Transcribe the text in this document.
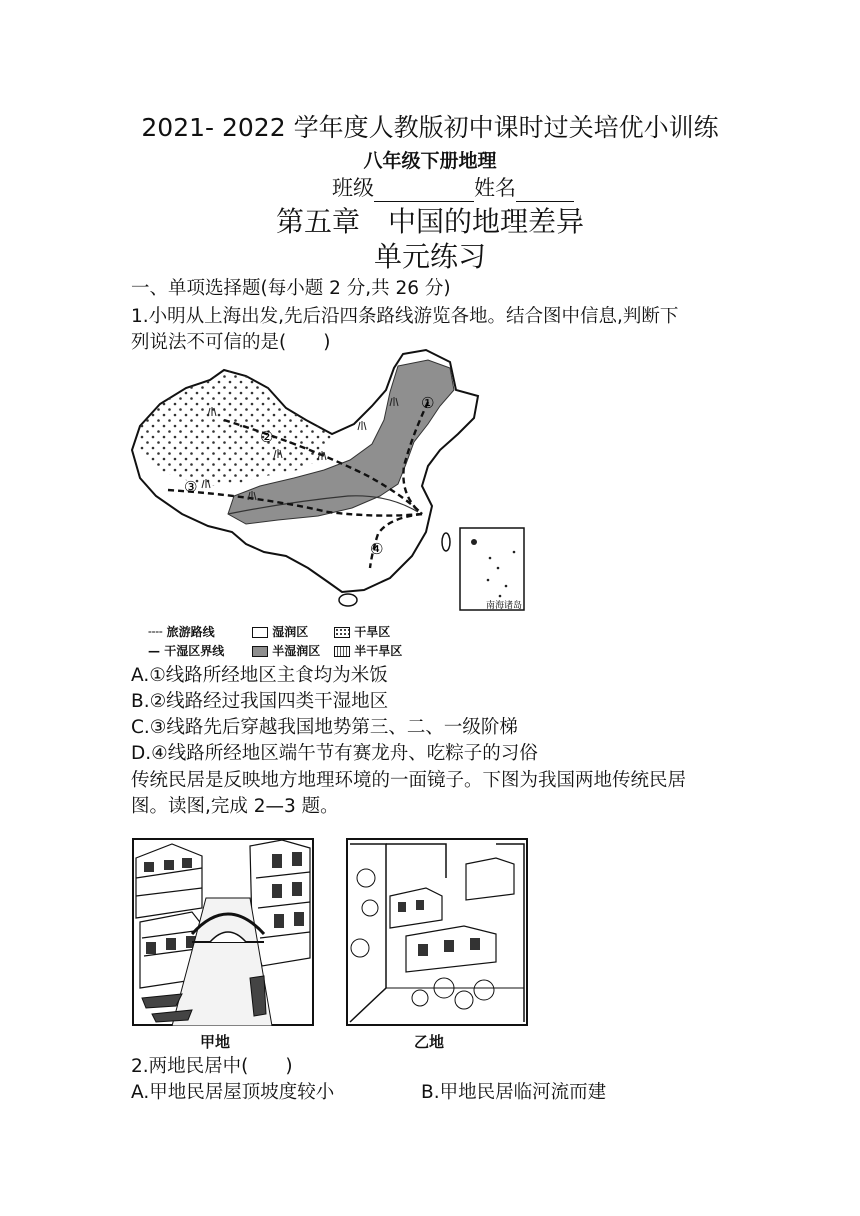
2021- 2022 学年度人教版初中课时过关培优小训练
八年级下册地理
班级	姓名
第五章　中国的地理差异
单元练习
一、单项选择题(每小题 2 分,共 26 分)
1.小明从上海出发,先后沿四条路线游览各地。结合图中信息,判断下
列说法不可信的是(　　)
①
②
③
④
南海诸岛
╌╌ 旅游路线	湿润区	干旱区
— 干湿区界线	半湿润区	半干旱区
A.①线路所经地区主食均为米饭
B.②线路经过我国四类干湿地区
C.③线路先后穿越我国地势第三、二、一级阶梯
D.④线路所经地区端午节有赛龙舟、吃粽子的习俗
传统民居是反映地方地理环境的一面镜子。下图为我国两地传统民居
图。读图,完成 2—3 题。
甲地	乙地
2.两地民居中(　　)
A.甲地民居屋顶坡度较小	B.甲地民居临河流而建
